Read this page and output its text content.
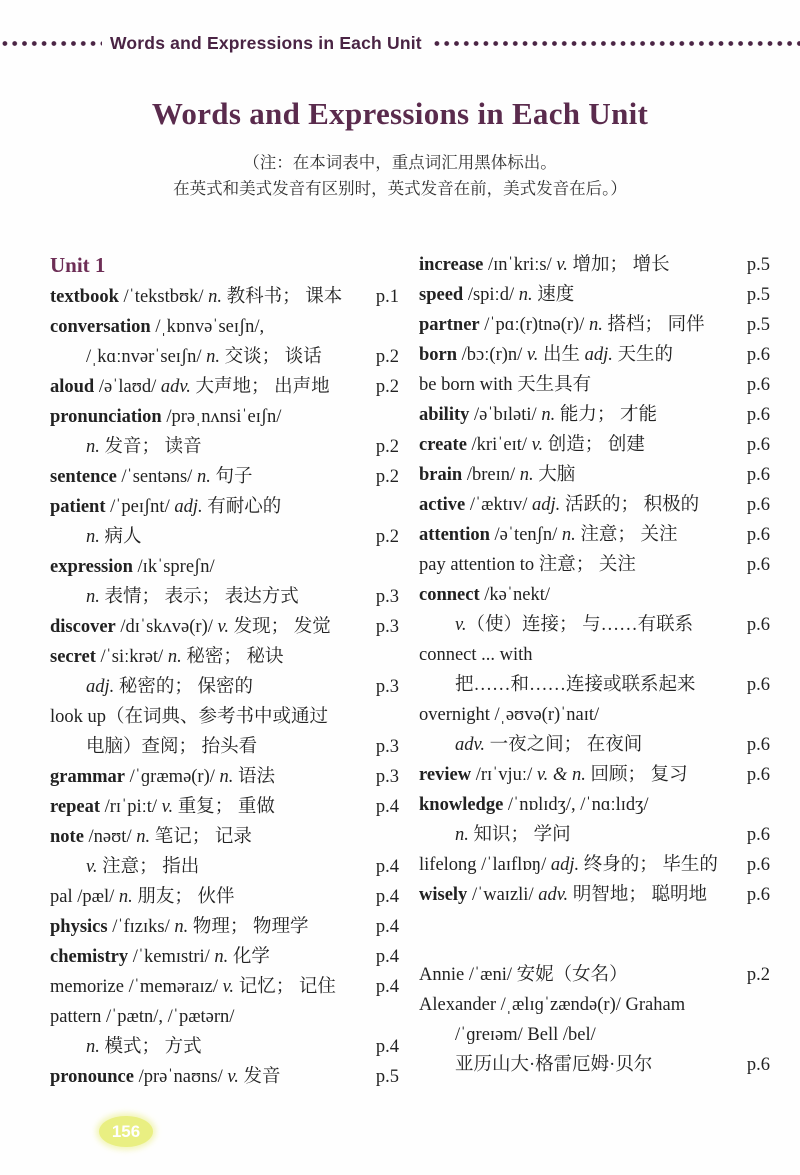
Words and Expressions in Each Unit
Words and Expressions in Each Unit
（注：在本词表中，重点词汇用黑体标出。
在英式和美式发音有区别时，英式发音在前，美式发音在后。）
Unit 1
textbook /ˈtekstbʊk/ n. 教科书； 课本	p.1
conversation /ˌkɒnvəˈseɪʃn/,
/ˌkɑːnvərˈseɪʃn/ n. 交谈； 谈话	p.2
aloud /əˈlaʊd/ adv. 大声地； 出声地	p.2
pronunciation /prəˌnʌnsiˈeɪʃn/
n. 发音； 读音	p.2
sentence /ˈsentəns/ n. 句子	p.2
patient /ˈpeɪʃnt/ adj. 有耐心的
n. 病人	p.2
expression /ɪkˈspreʃn/
n. 表情； 表示； 表达方式	p.3
discover /dɪˈskʌvə(r)/ v. 发现； 发觉	p.3
secret /ˈsiːkrət/ n. 秘密； 秘诀
adj. 秘密的； 保密的	p.3
look up（在词典、参考书中或通过
电脑）查阅； 抬头看	p.3
grammar /ˈɡræmə(r)/ n. 语法	p.3
repeat /rɪˈpiːt/ v. 重复； 重做	p.4
note /nəʊt/ n. 笔记； 记录
v. 注意； 指出	p.4
pal /pæl/ n. 朋友； 伙伴	p.4
physics /ˈfɪzɪks/ n. 物理； 物理学	p.4
chemistry /ˈkemɪstri/ n. 化学	p.4
memorize /ˈmeməraɪz/ v. 记忆； 记住	p.4
pattern /ˈpætn/, /ˈpætərn/
n. 模式； 方式	p.4
pronounce /prəˈnaʊns/ v. 发音	p.5
increase /ɪnˈkriːs/ v. 增加； 增长	p.5
speed /spiːd/ n. 速度	p.5
partner /ˈpɑː(r)tnə(r)/ n. 搭档； 同伴	p.5
born /bɔː(r)n/ v. 出生 adj. 天生的	p.6
be born with 天生具有	p.6
ability /əˈbɪləti/ n. 能力； 才能	p.6
create /kriˈeɪt/ v. 创造； 创建	p.6
brain /breɪn/ n. 大脑	p.6
active /ˈæktɪv/ adj. 活跃的； 积极的	p.6
attention /əˈtenʃn/ n. 注意； 关注	p.6
pay attention to 注意； 关注	p.6
connect /kəˈnekt/
v.（使）连接； 与……有联系	p.6
connect ... with
把……和……连接或联系起来	p.6
overnight /ˌəʊvə(r)ˈnaɪt/
adv. 一夜之间； 在夜间	p.6
review /rɪˈvjuː/ v. & n. 回顾； 复习	p.6
knowledge /ˈnɒlɪdʒ/, /ˈnɑːlɪdʒ/
n. 知识； 学问	p.6
lifelong /ˈlaɪflɒŋ/ adj. 终身的； 毕生的	p.6
wisely /ˈwaɪzli/ adv. 明智地； 聪明地	p.6
Annie /ˈæni/ 安妮（女名）	p.2
Alexander /ˌælɪɡˈzændə(r)/ Graham
/ˈɡreɪəm/ Bell /bel/
亚历山大·格雷厄姆·贝尔	p.6
156
